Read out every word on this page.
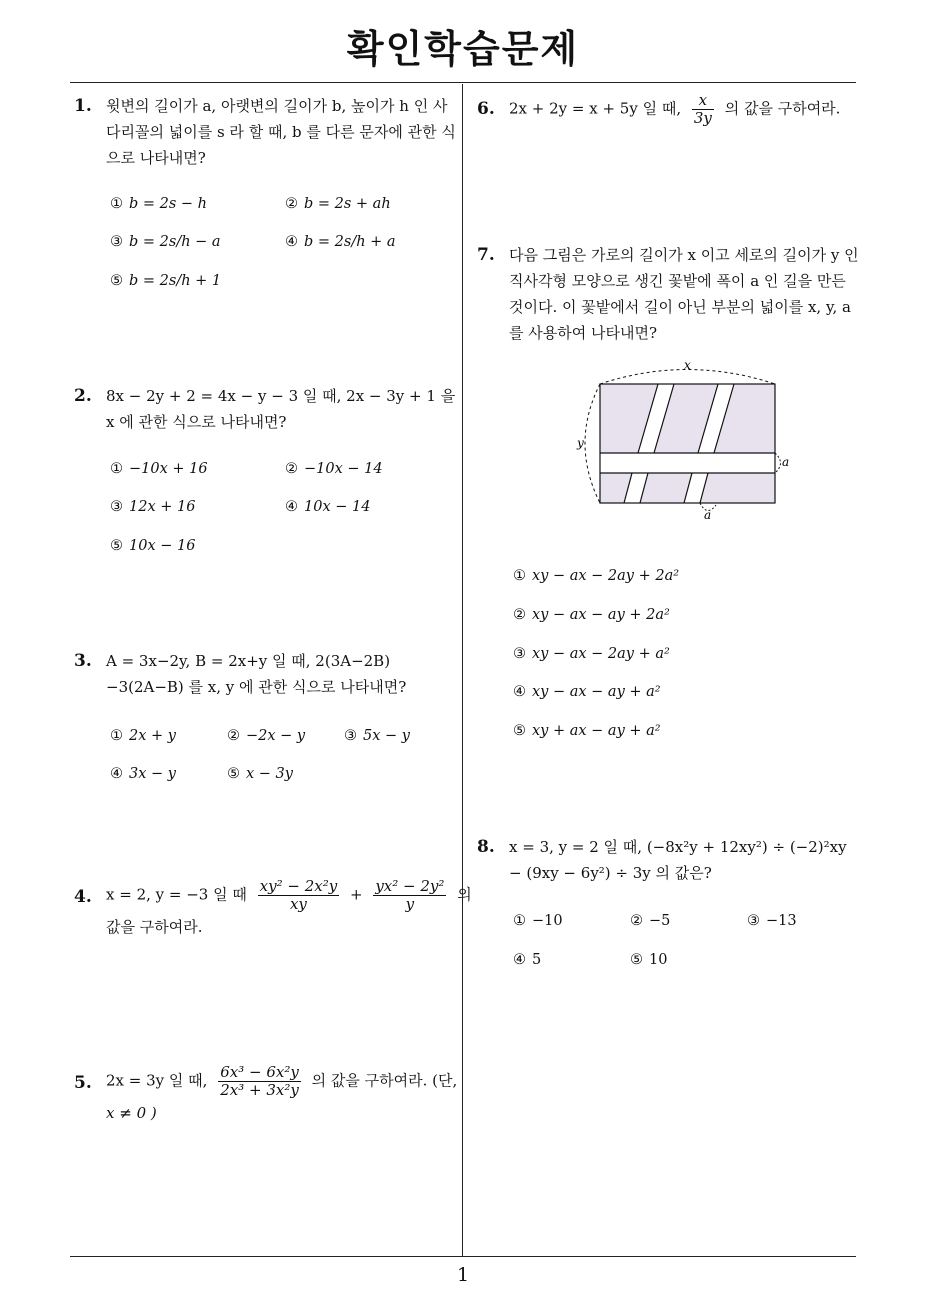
확인학습문제
1
1. 윗변의 길이가 a, 아랫변의 길이가 b, 높이가 h 인 사다리꼴의 넓이를 s 라 할 때, b 를 다른 문자에 관한 식으로 나타내면?
① b = 2s − h	② b = 2s + ah
③ b = 2s/h − a	④ b = 2s/h + a
⑤ b = 2s/h + 1
2. 8x − 2y + 2 = 4x − y − 3 일 때, 2x − 3y + 1 을 x 에 관한 식으로 나타내면?
① −10x + 16	② −10x − 14
③ 12x + 16	④ 10x − 14
⑤ 10x − 16
3. A = 3x−2y, B = 2x+y 일 때, 2(3A−2B)−3(2A−B) 를 x, y 에 관한 식으로 나타내면?
① 2x + y	② −2x − y	③ 5x − y
④ 3x − y	⑤ x − 3y
4. x = 2, y = −3 일 때 $\frac{\text{xy² − 2x²y}}{xy} + \frac{\text{yx² − 2y²}}{y}$ 의
값을 구하여라.
5. 2x = 3y 일 때, $\frac{\text{6x³ − 6x²y}}{\text{2x³ + 3x²y}}$ 의 값을 구하여라. (단,
x ≠ 0 )
6. 2x + 2y = x + 5y 일 때, $\frac{x}{3y}$ 의 값을 구하여라.
7. 다음 그림은 가로의 길이가 x 이고 세로의 길이가 y 인 직사각형 모양으로 생긴 꽃밭에 폭이 a 인 길을 만든 것이다. 이 꽃밭에서 길이 아닌 부분의 넓이를 x, y, a 를 사용하여 나타내면?
x
y
a
a
① xy − ax − 2ay + 2a²
② xy − ax − ay + 2a²
③ xy − ax − 2ay + a²
④ xy − ax − ay + a²
⑤ xy + ax − ay + a²
8. x = 3, y = 2 일 때, (−8x²y + 12xy²) ÷ (−2)²xy − (9xy − 6y²) ÷ 3y 의 값은?
① −10	② −5	③ −13
④ 5	⑤ 10
